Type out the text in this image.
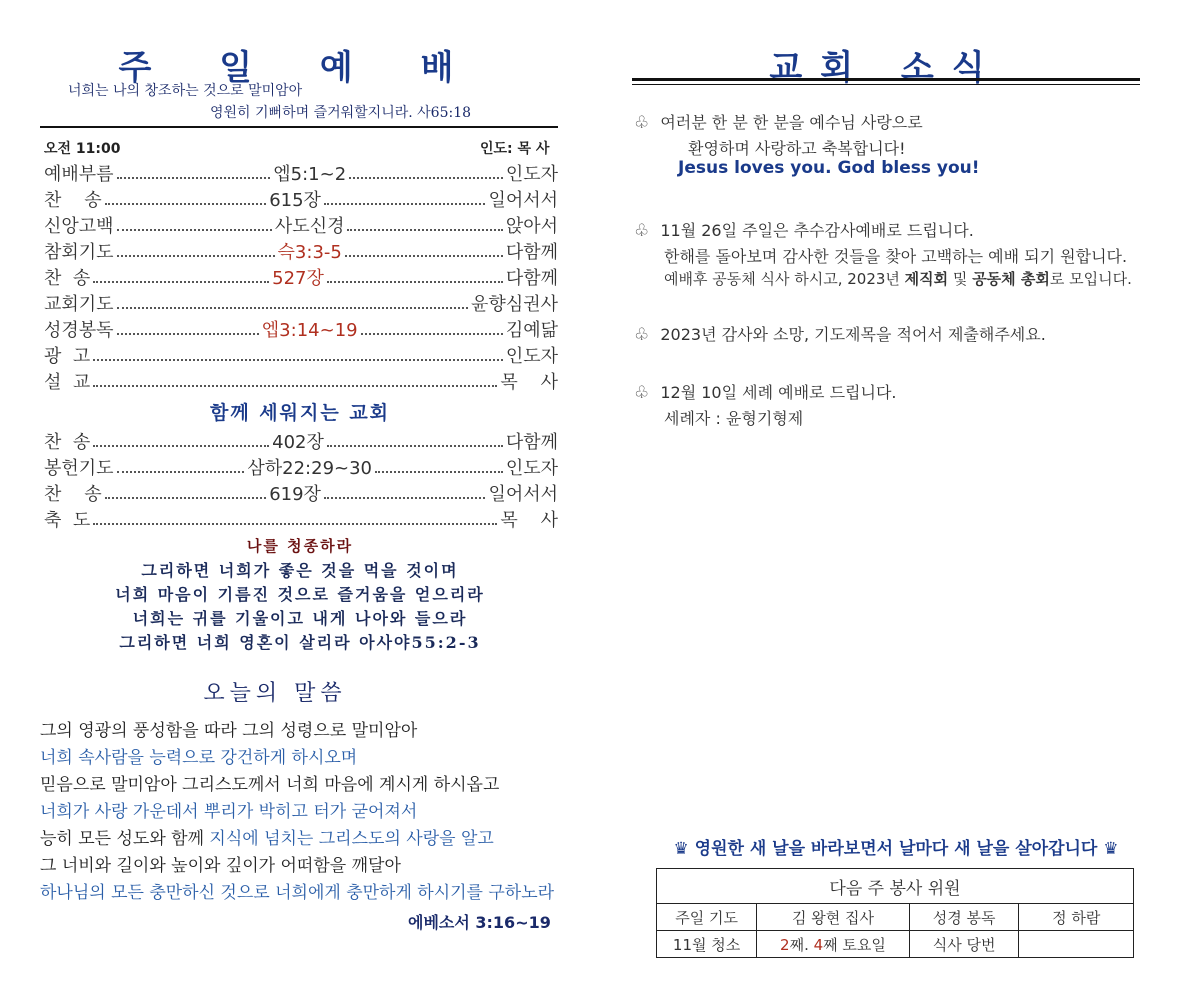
주 일 예 배
너희는 나의 창조하는 것으로 말미암아
영원히 기뻐하며 즐거워할지니라. 사65:18
오전 11:00	인도: 목 사
예배부름	엡5:1~2	인도자
찬    송	615장	일어서서
신앙고백	사도신경	앉아서
참회기도	슥3:3-5	다함께
찬  송	527장	다함께
교회기도	윤향심권사
성경봉독	엡3:14~19	김예닮
광  고	인도자
설  교	목    사
함께 세워지는 교회
찬  송	402장	다함께
봉헌기도	삼하22:29~30	인도자
찬    송	619장	일어서서
축  도	목    사
나를 청종하라
그리하면 너희가 좋은 것을 먹을 것이며
너희 마음이 기름진 것으로 즐거움을 얻으리라
너희는 귀를 기울이고 내게 나아와 들으라
그리하면 너희 영혼이 살리라 아사야55:2-3
오늘의 말씀
그의 영광의 풍성함을 따라 그의 성령으로 말미암아
너희 속사람을 능력으로 강건하게 하시오며
믿음으로 말미암아 그리스도께서 너희 마음에 계시게 하시옵고
너희가 사랑 가운데서 뿌리가 박히고 터가 굳어져서
능히 모든 성도와 함께 지식에 넘치는 그리스도의 사랑을 알고
그 너비와 길이와 높이와 깊이가 어떠함을 깨달아
하나님의 모든 충만하신 것으로 너희에게 충만하게 하시기를 구하노라
에베소서 3:16~19
교회 소식
♧ 여러분 한 분 한 분을 예수님 사랑으로
환영하며 사랑하고 축복합니다!
Jesus loves you. God bless you!
♧ 11월 26일 주일은 추수감사예배로 드립니다.
한해를 돌아보며 감사한 것들을 찾아 고백하는 예배 되기 원합니다.
예배후 공동체 식사 하시고, 2023년 제직회 및 공동체 총회로 모입니다.
♧ 2023년 감사와 소망, 기도제목을 적어서 제출해주세요.
♧ 12월 10일 세례 예배로 드립니다.
세례자 : 윤형기형제
♛ 영원한 새 날을 바라보면서 날마다 새 날을 살아갑니다 ♛
다음 주 봉사 위원			
주일 기도	김 왕현 집사	성경 봉독	정 하람
11월 청소	2째. 4째 토요일	식사 당번	
